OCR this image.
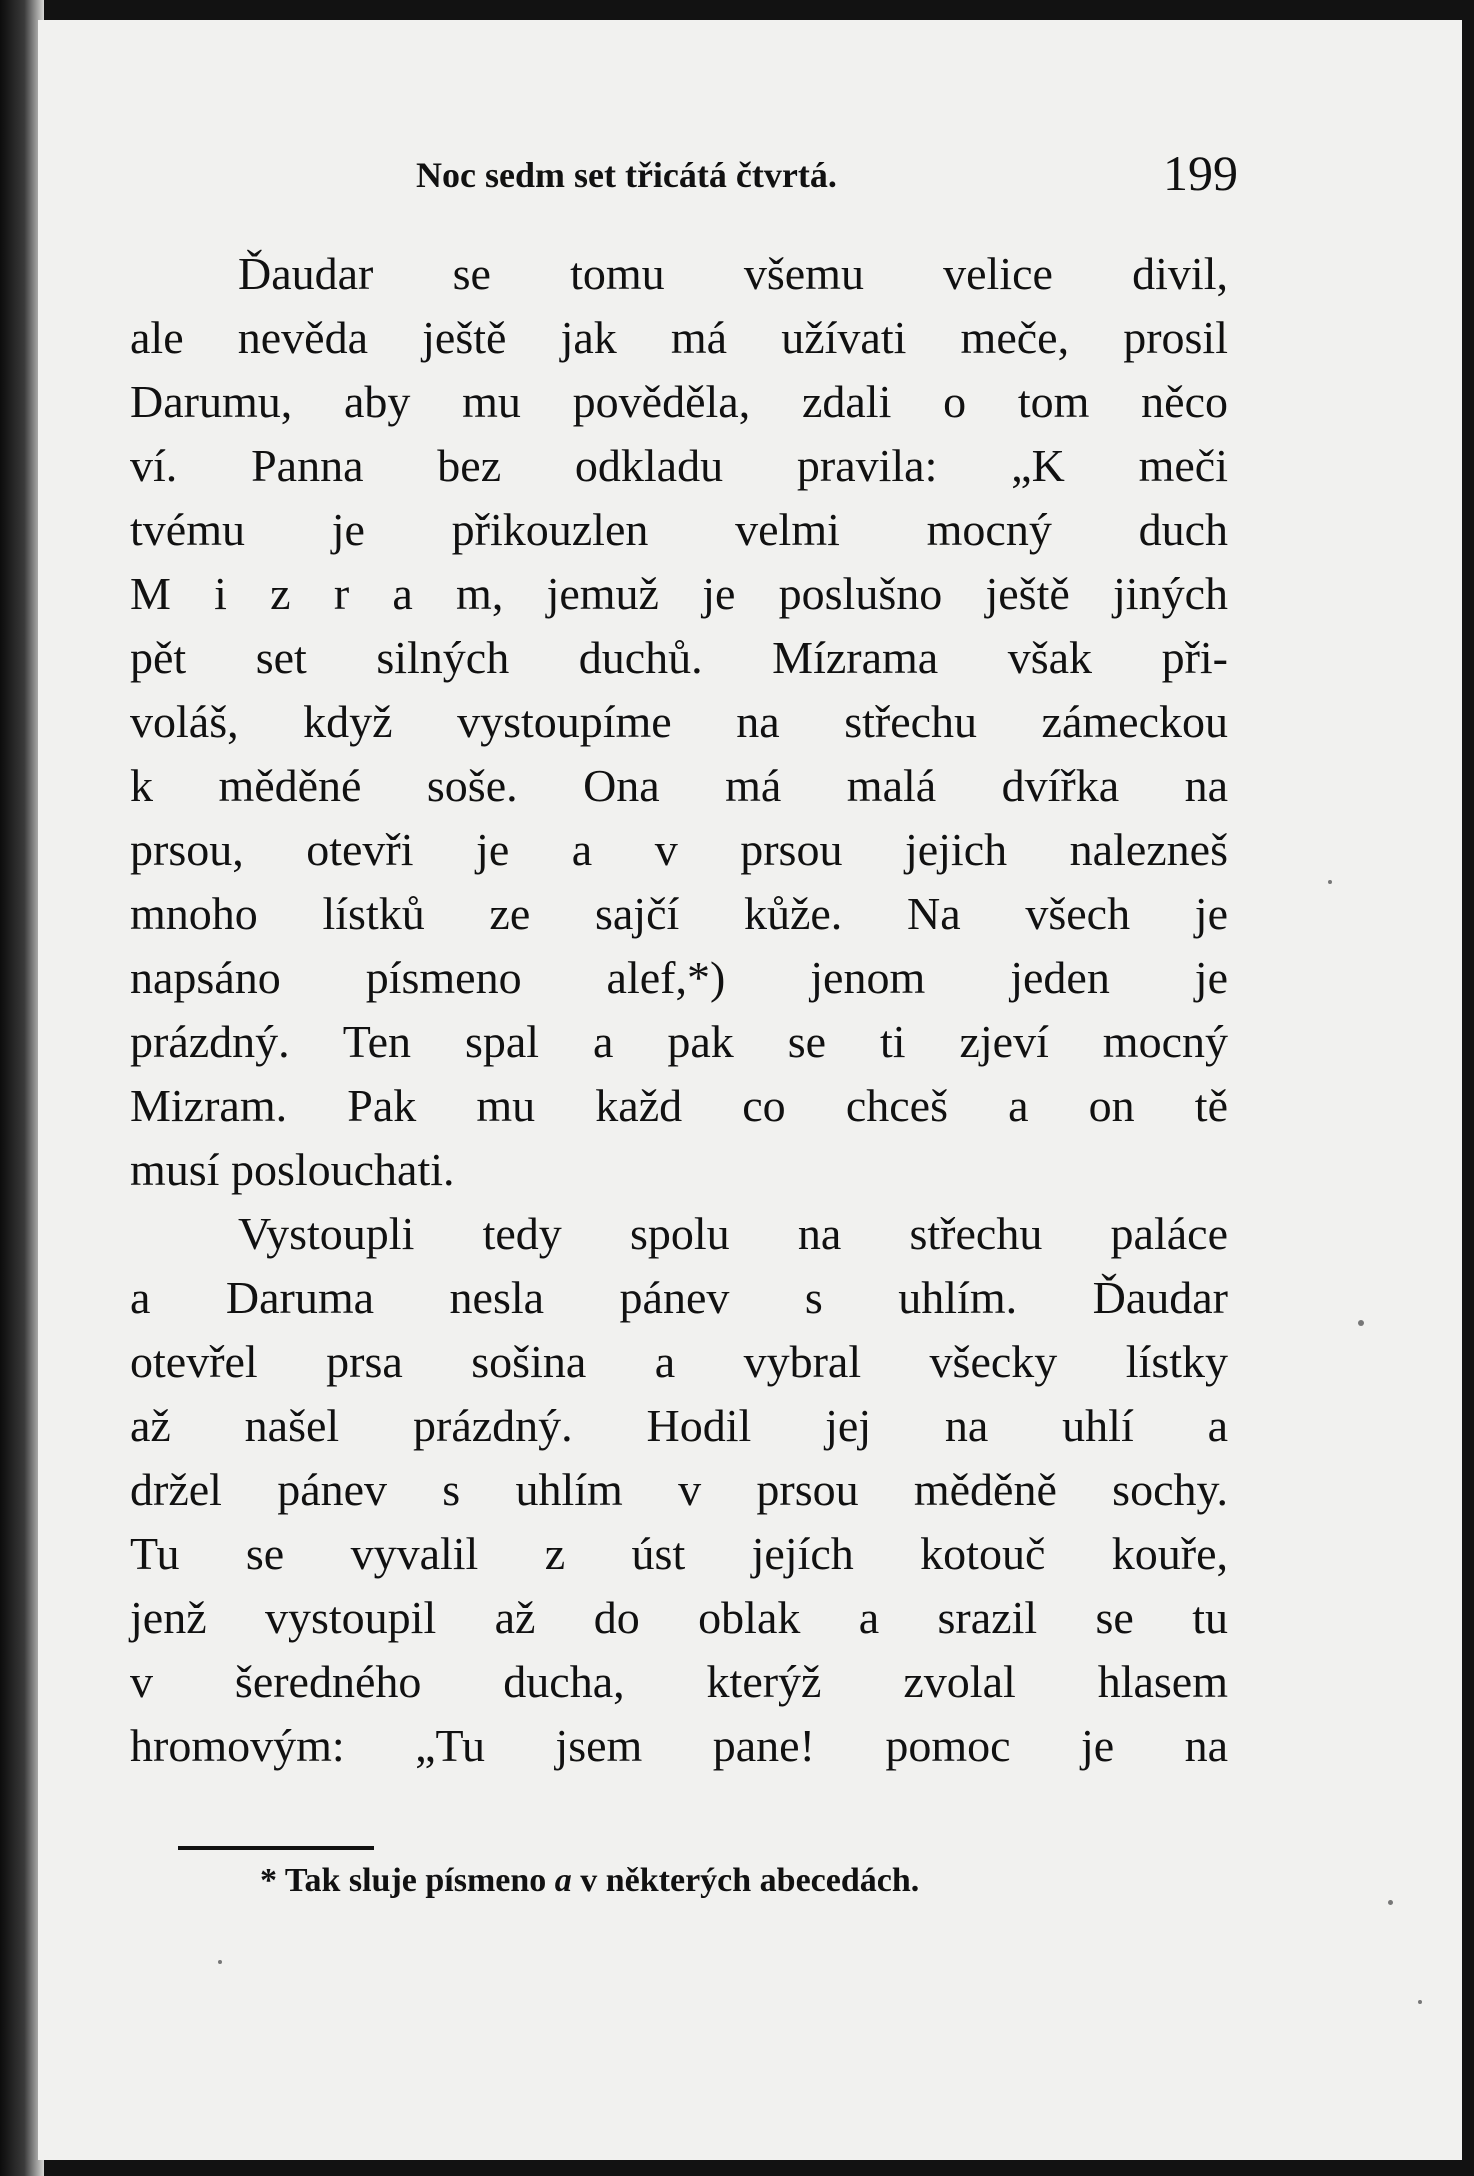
Noc sedm set třicátá čtvrtá.	199
Ďaudar se tomu všemu velice divil,
ale nevěda ještě jak má užívati meče, prosil
Darumu, aby mu pověděla, zdali o tom něco
ví. Panna bez odkladu pravila: „K meči
tvému je přikouzlen velmi mocný duch
M i z r a m, jemuž je poslušno ještě jiných
pět set silných duchů. Mízrama však při-
voláš, když vystoupíme na střechu zámeckou
k měděné soše. Ona má malá dvířka na
prsou, otevři je a v prsou jejich nalezneš
mnoho lístků ze sajčí kůže. Na všech je
napsáno písmeno alef,*) jenom jeden je
prázdný. Ten spal a pak se ti zjeví mocný
Mizram. Pak mu každ co chceš a on tě
musí poslouchati.
Vystoupli tedy spolu na střechu paláce
a Daruma nesla pánev s uhlím. Ďaudar
otevřel prsa sošina a vybral všecky lístky
až našel prázdný. Hodil jej na uhlí a
držel pánev s uhlím v prsou měděně sochy.
Tu se vyvalil z úst jejích kotouč kouře,
jenž vystoupil až do oblak a srazil se tu
v šeredného ducha, kterýž zvolal hlasem
hromovým: „Tu jsem pane! pomoc je na
* Tak sluje písmeno a v některých abecedách.
